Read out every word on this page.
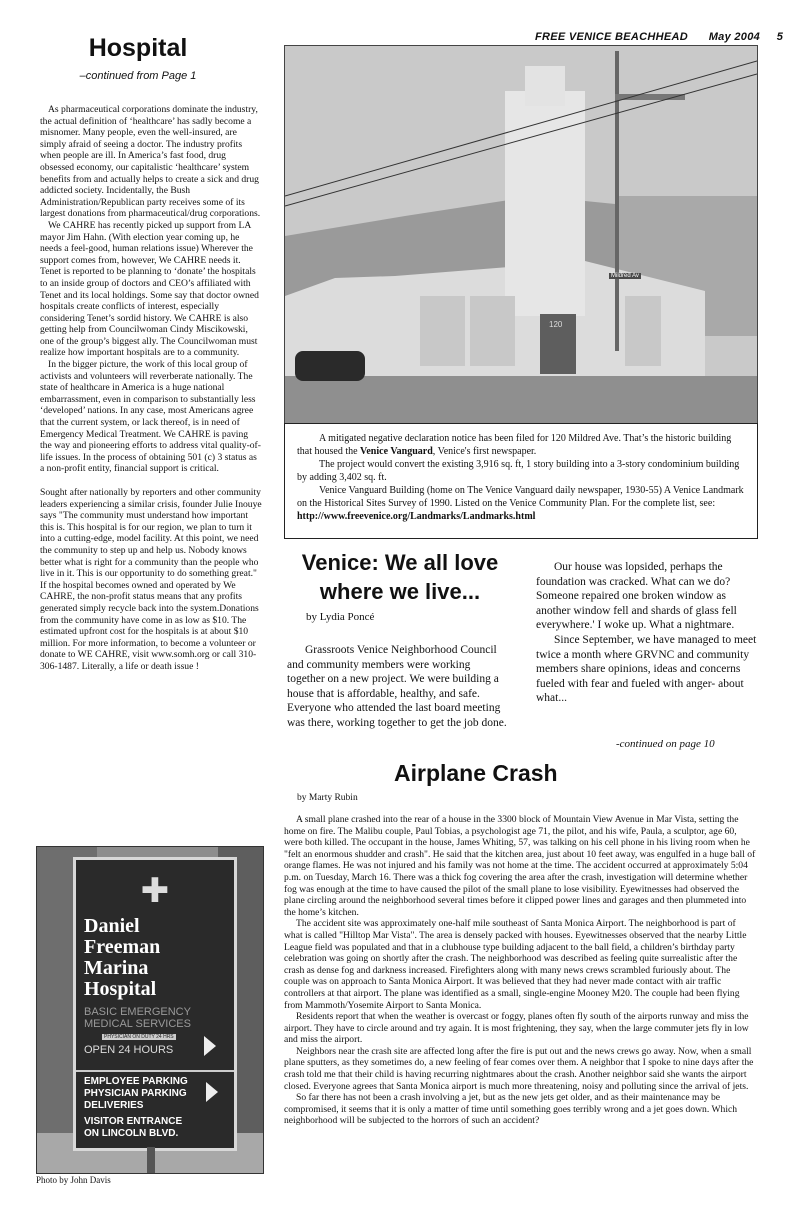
FREE VENICE BEACHHEAD May 2004 5
Hospital
–continued from Page 1

As pharmaceutical corporations dominate the industry, the actual definition of ‘healthcare’ has sadly become a misnomer. Many people, even the well-insured, are simply afraid of seeing a doctor. The industry profits when people are ill. In America’s fast food, drug obsessed economy, our capitalistic ‘healthcare’ system benefits from and actually helps to create a sick and drug addicted society. Incidentally, the Bush Administration/Republican party receives some of its largest donations from pharmaceutical/drug corporations.

We CAHRE has recently picked up support from LA mayor Jim Hahn. (With election year coming up, he needs a feel-good, human relations issue) Wherever the support comes from, however, We CAHRE needs it. Tenet is reported to be planning to ‘donate’ the hospitals to an inside group of doctors and CEO’s affiliated with Tenet and its local holdings. Some say that doctor owned hospitals create conflicts of interest, especially considering Tenet’s sordid history. We CAHRE is also getting help from Councilwoman Cindy Miscikowski, one of the group’s biggest ally. The Councilwoman must realize how important hospitals are to a community.

In the bigger picture, the work of this local group of activists and volunteers will reverberate nationally. The state of healthcare in America is a huge national embarrassment, even in comparison to substantially less ‘developed’ nations. In any case, most Americans agree that the current system, or lack thereof, is in need of Emergency Medical Treatment. We CAHRE is paving the way and pioneering efforts to address vital quality-of-life issues. In the process of obtaining 501 (c) 3 status as a non-profit entity, financial support is critical.

Sought after nationally by reporters and other community leaders experiencing a similar crisis, founder Julie Inouye says "The community must understand how important this is. This hospital is for our region, we plan to turn it into a cutting-edge, model facility. At this point, we need the community to step up and help us. Nobody knows better what is right for a community than the people who live in it. This is our opportunity to do something great." If the hospital becomes owned and operated by We CAHRE, the non-profit status means that any profits generated simply recycle back into the system.Donations from the community have come in as low as $10. The estimated upfront cost for the hospitals is at about $10 million. For more information, to become a volunteer or donate to WE CAHRE, visit www.somh.org or call 310-306-1487. Literally, a life or death issue !

✚
Daniel
Freeman
Marina
Hospital
BASIC EMERGENCY
MEDICAL SERVICES
PHYSICIAN ON DUTY 24 HRS
OPEN 24 HOURS
EMPLOYEE PARKING
PHYSICIAN PARKING
DELIVERIES
VISITOR ENTRANCE
ON LINCOLN BLVD.
Photo by John Davis
Mildred Av
120

A mitigated negative declaration notice has been filed for 120 Mildred Ave. That’s the historic building that housed the Venice Vanguard, Venice's first newspaper.

The project would convert the existing 3,916 sq. ft, 1 story building into a 3-story condominium building by adding 3,402 sq. ft.

Venice Vanguard Building (home on The Venice Vanguard daily newspaper, 1930-55) A Venice Landmark on the Historical Sites Survey of 1990. Listed on the Venice Community Plan. For the complete list, see: http://www.freevenice.org/Landmarks/Landmarks.html

Venice: We all love
where we live...
by Lydia Poncé
Grassroots Venice Neighborhood Council and community members were working together on a new project. We were building a house that is affordable, healthy, and safe. Everyone who attended the last board meeting was there, working together to get the job done.

Our house was lopsided, perhaps the foundation was cracked. What can we do? Someone repaired one broken window as another window fell and shards of glass fell everywhere.' I woke up. What a nightmare.

Since September, we have managed to meet twice a month where GRVNC and community members share opinions, ideas and concerns fueled with fear and fueled with anger- about what...

-continued on page 10
Airplane Crash
by Marty Rubin

A small plane crashed into the rear of a house in the 3300 block of Mountain View Avenue in Mar Vista, setting the home on fire. The Malibu couple, Paul Tobias, a psychologist age 71, the pilot, and his wife, Paula, a sculptor, age 60, were both killed. The occupant in the house, James Whiting, 57, was talking on his cell phone in his living room when he "felt an enormous shudder and crash". He said that the kitchen area, just about 10 feet away, was engulfed in a huge ball of orange flames. He was not injured and his family was not home at the time. The accident occurred at approximately 5:04 p.m. on Tuesday, March 16. There was a thick fog covering the area after the crash, investigation will determine whether fog was enough at the time to have caused the pilot of the small plane to lose visibility. Eyewitnesses had observed the plane circling around the neighborhood several times before it clipped power lines and garages and then plummeted into the home’s kitchen.

The accident site was approximately one-half mile southeast of Santa Monica Airport. The neighborhood is part of what is called "Hilltop Mar Vista". The area is densely packed with houses. Eyewitnesses observed that the nearby Little League field was populated and that in a clubhouse type building adjacent to the ball field, a children’s birthday party celebration was going on shortly after the crash. The neighborhood was described as feeling quite surrealistic after the crash as dense fog and darkness increased. Firefighters along with many news crews scrambled furiously about. The couple was on approach to Santa Monica Airport. It was believed that they had never made contact with air traffic controllers at that airport. The plane was identified as a small, single-engine Mooney M20. The couple had been flying from Mammoth/Yosemite Airport to Santa Monica.

Residents report that when the weather is overcast or foggy, planes often fly south of the airports runway and miss the airport. They have to circle around and try again. It is most frightening, they say, when the large commuter jets fly in low and miss the airport.

Neighbors near the crash site are affected long after the fire is put out and the news crews go away. Now, when a small plane sputters, as they sometimes do, a new feeling of fear comes over them. A neighbor that I spoke to nine days after the crash told me that their child is having recurring nightmares about the crash. Another neighbor said she wants the airport closed. Everyone agrees that Santa Monica airport is much more threatening, noisy and polluting since the arrival of jets.

So far there has not been a crash involving a jet, but as the new jets get older, and as their maintenance may be compromised, it seems that it is only a matter of time until something goes terribly wrong and a jet goes down. Which neighborhood will be subjected to the horrors of such an accident?
